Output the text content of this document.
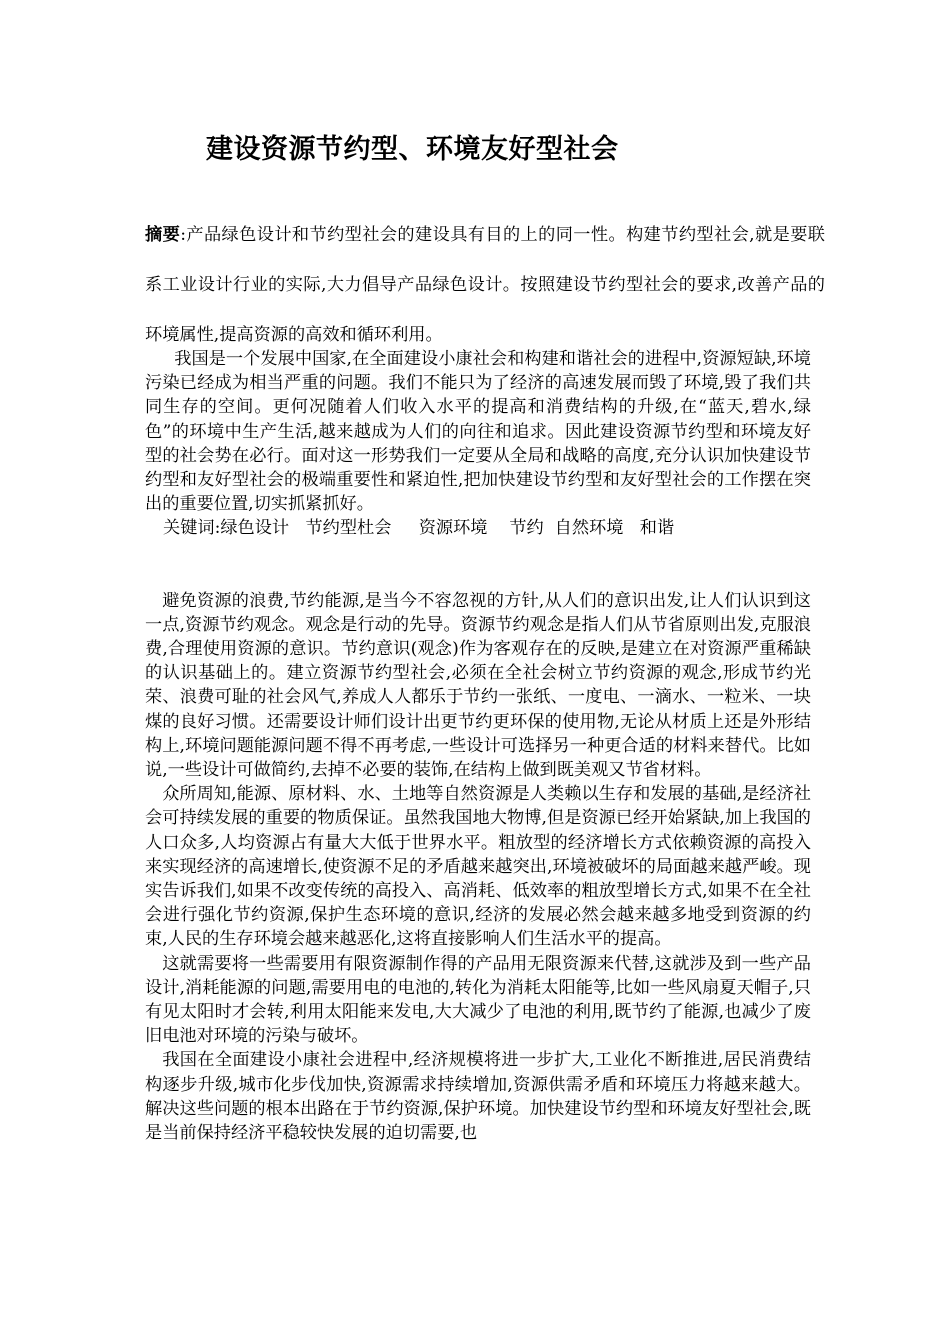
建设资源节约型、环境友好型社会
摘要:产品绿色设计和节约型社会的建设具有目的上的同一性。构建节约型社会,就是要联系工业设计行业的实际,大力倡导产品绿色设计。按照建设节约型社会的要求,改善产品的环境属性,提高资源的高效和循环利用。

我国是一个发展中国家,在全面建设小康社会和构建和谐社会的进程中,资源短缺,环境污染已经成为相当严重的问题。我们不能只为了经济的高速发展而毁了环境,毁了我们共同生存的空间。更何况随着人们收入水平的提高和消费结构的升级,在“蓝天,碧水,绿色”的环境中生产生活,越来越成为人们的向往和追求。因此建设资源节约型和环境友好型的社会势在必行。面对这一形势我们一定要从全局和战略的高度,充分认识加快建设节约型和友好型社会的极端重要性和紧迫性,把加快建设节约型和友好型社会的工作摆在突出的重要位置,切实抓紧抓好。

关键词:绿色设计   节约型杜会     资源环境    节约  自然环境   和谐

避免资源的浪费,节约能源,是当今不容忽视的方针,从人们的意识出发,让人们认识到这一点,资源节约观念。观念是行动的先导。资源节约观念是指人们从节省原则出发,克服浪费,合理使用资源的意识。节约意识(观念)作为客观存在的反映,是建立在对资源严重稀缺的认识基础上的。建立资源节约型社会,必须在全社会树立节约资源的观念,形成节约光荣、浪费可耻的社会风气,养成人人都乐于节约一张纸、一度电、一滴水、一粒米、一块煤的良好习惯。还需要设计师们设计出更节约更环保的使用物,无论从材质上还是外形结构上,环境问题能源问题不得不再考虑,一些设计可选择另一种更合适的材料来替代。比如说,一些设计可做简约,去掉不必要的装饰,在结构上做到既美观又节省材料。

众所周知,能源、原材料、水、土地等自然资源是人类赖以生存和发展的基础,是经济社会可持续发展的重要的物质保证。虽然我国地大物博,但是资源已经开始紧缺,加上我国的人口众多,人均资源占有量大大低于世界水平。粗放型的经济增长方式依赖资源的高投入来实现经济的高速增长,使资源不足的矛盾越来越突出,环境被破坏的局面越来越严峻。现实告诉我们,如果不改变传统的高投入、高消耗、低效率的粗放型增长方式,如果不在全社会进行强化节约资源,保护生态环境的意识,经济的发展必然会越来越多地受到资源的约束,人民的生存环境会越来越恶化,这将直接影响人们生活水平的提高。

这就需要将一些需要用有限资源制作得的产品用无限资源来代替,这就涉及到一些产品设计,消耗能源的问题,需要用电的电池的,转化为消耗太阳能等,比如一些风扇夏天帽子,只有见太阳时才会转,利用太阳能来发电,大大减少了电池的利用,既节约了能源,也减少了废旧电池对环境的污染与破坏。

我国在全面建设小康社会进程中,经济规模将进一步扩大,工业化不断推进,居民消费结构逐步升级,城市化步伐加快,资源需求持续增加,资源供需矛盾和环境压力将越来越大。解决这些问题的根本出路在于节约资源,保护环境。加快建设节约型和环境友好型社会,既是当前保持经济平稳较快发展的迫切需要,也
